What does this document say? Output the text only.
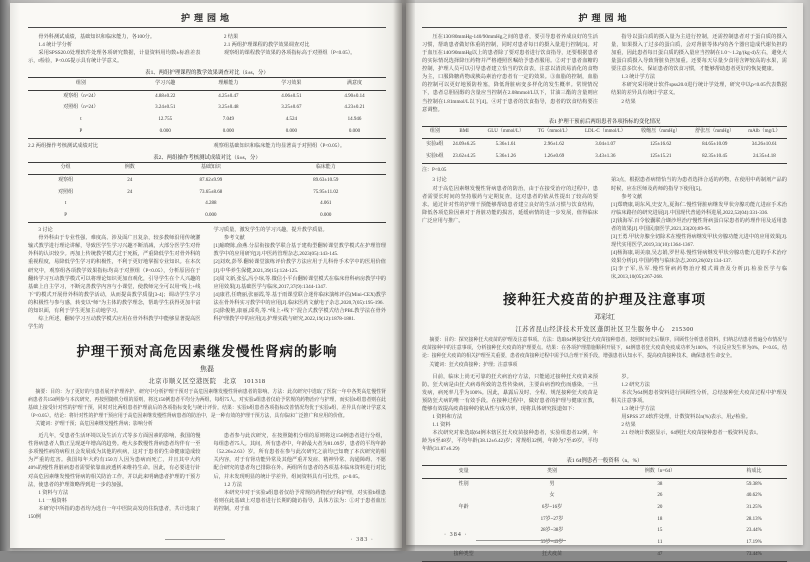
护理园地

骨外科测试成绩，基础知识和临床能力，各100分。

1.4 统计学分析

采用SPSS20.0处理软件处理各项研究数据，计量资料用均数±标准差表示，t检验，P<0.05提示具有统计学意义。

2 结果

2.1 两组护理课程的教学效果调查对比

观察组的课程教学效果的各项指标高于对照组（P<0.05）。

表1、两组护理课程的教学效果调查对比（x̄±s，分）
组别	学习兴趣	理解能力	学习效果	满意度
观察组（n=24）	4.88±0.22	4.25±0.47	4.06±0.51	4.90±0.14
对照组（n=24）	3.24±0.51	3.25±0.48	3.25±0.67	4.23±0.21
t	12.755	7.049	4.524	14.946
P	0.000	0.000	0.000	0.000
2.2 两组操作考核测试成绩对比	观察组基础知识和临床能力均显著高于对照组（P<0.05）。
表2、两组操作考核测试成绩对比（x̄±s，分）
分组	例数	基础知识	临床能力
观察组	24	87.62±9.99	89.63±10.59
对照组	24	73.65±8.68	75.95±11.02
t		4.288	4.061
P		0.000	0.000

3 讨论

骨外科由于专业性强、难度高、涉及面广且复杂，较多教师沿用传统灌输式教学进行理论讲解，导致医学生学习兴趣不断消减，大部分医学生对骨外科的认识较少。再加上传统教学模式过于死板，严重降低学生对骨外科的重视程度，易降低学生学习的积极性，不利于更好地掌握专业知识。在本次研究中，观察组各项教学效果指标均高于对照组（P<0.05），分析原因在于翻转学习互动教学模式可以将理论知识更加直观化，引导学生在个人兴趣的基础上自主学习，不断完善教学内容与小课堂，使教师完全可以用“线上+线下”的模式开展骨外科的教学活动，从而提高教学质量[3-4]；调动学生学习的积极性与参与感，转变以“师”为主体的教学理念，帮助学生获得更加丰富的知识面，有利于学生更加主动地学习。

综上所述，翻转学习互动教学模式应用在骨外科教学中能够显著提高医学生的

学习质量，激发学生的学习兴趣，提升教学质量。

参考文献

[1]喻晓陈,俞燕.分层衔接教学联合基于建构型翻转课堂教学模式在护理管理教学中的应用研究[J].中医药管理杂志,2023(05):143-145.

[2]刘欢,彭琴.翻转课堂演练评价教学方法应用于儿科骨手术学中的医用价值[J].中华养生保健,2021,39(15):124-125.

[3]周文新,张弘,冯小琼,等.微信小平台翻转课堂模式在临床骨科病房教学中的应用效果[J].基础医学与临床,2017,37(9):1344-1347.

[4]康君,任晓丽,张丽霞,等.基于雨课堂联合迷你临床演练评估(Mini-CEX)教学法在骨外科实习教学中的应用[J].临床医药文献电子杂志,2020,7(05):195-196.

[5]徐俊艳,康丽,邱英,等.“线上+线下”混合式教学模式结合PBL教学法在骨外科护理教学中的应用[J].护理实践与研究,2022,19(12):1878-1881.

护理干预对高危因素继发慢性肾病的影响
焦磊
北京市顺义区空港医院　北京　101318

摘要：目的：为了更好的与患者展开护理养护，研究中分析护理干预对于高危因素继发慢性肾病患者的影响。方法：此次研究中选取了医院一年中各类高危慢性肾病患者共150例参与本次研究，再按照随机分组的原则，将这150例患者平均分为两组，每组75人。对实验a组患者仅给予常规的药物治疗与护理，而实验b组患者则在此基础上接受针对性的护理干预，同时对比两组患者护理前后的各项指标变化与统计评价。结果：实验b组患者各项指标改善情况均优于实验a组，差异具有统计学意义（P<0.05）。结论：将针对性的护理干预应用于高危因素继发慢性肾病患者的防治中，是一种有效的护理干预方法，具有临床广泛推广和应用的价值。

关键词：护理干预；高危因素继发慢性肾病；影响分析

近几年，受患者生活环境以及生活方式等多方面因素的影响，我国的慢性肾病患者人数正呈现逐年增高的趋势。绝大多数慢性肾病患者均伴有一至多项慢性病的病程且会发展成为其他的疾病，这对于患者的生命健康造成较为严重的危害。我国每年大约有150万人因为患病而死亡，并且其中大约40%的慢性肾脏病患者需要依靠血液透析来维持生命。因此，有必要进行针对高危因素继发慢性肾病的相关防治工作，并以此来明确患者护理的干预方法，使患者的护理策略得到进一步的加强。

1 资料与方法

1.1 一般资料

本研究中所指的患者均为选自一年中医院高发的住院患者，共计选取了150例

患者参与此次研究，在按照随机分组的原则将这150例患者进行分组，每组患者75人。其间，所有患者中，年龄最大者为81.09岁，患者的平均年龄（52.26±2.63）岁。所有患者在参与此次研究之前均已知晓了本次研究的相关内容，对于有肾功能异常及其他严重并发症、精神异常、沟通障碍、不愿配合研究的患者均已排除在外。两组所有患者的各项基本临床资料进行对比后，并未发现明显的统计学差异，组间资料具有可比性，p>0.05。

1.2 方法

本研究中对于实验a组患者仅给予常规的药物治疗和护理，对实验b组患者则在此基础上对患者进行长期的随访指导，具体方法为：①对于患者血压的控制，对于血

· 383 ·
护理园地

压在130/80mmHg-140/90mmHg之间的患者，要引导患者养成良好的生活习惯，帮助患者做好体重的控制，同时对患者每日的摄入量进行控制[3]。对于血压在140/90mmHg以上的患者除了要对患者进行饮食指导，还要根据患者的实际情况选择降压药物并严格遵照医嘱给予患者服用。②对于患者血糖的控制，护理人员可以引导患者建立恰当的饮食表，注意以清淡易消化的食物为主，口服降糖药物或胰岛素治疗患者有一定的效果。③血脂的控制，血脂的控制可以更好地预防栓塞，降低肾脏病变多样化的发生概率。常规情况下，患者总胆固醇的含量应当控制在2.08mmol/L以下，甘油三酯的含量则应当控制在1.81mmol/L以下[4]。④对于患者的饮食指导，患者的饮食结构要注意调整。

指导以蛋白质的摄入量为主进行控制，还需控制患者对于蛋白质的摄入量，如果摄入了过多的蛋白质，会对肾脏等体内的各个器官造成代谢负担的加重，因此患者每日蛋白质的摄入量应当控制在1.0～1.2g/(kg·d)左右，避免大量蛋白质摄入导致肾脏负担加重。还要每天尽量少食用含钾较高的水果，需要注意多饮水，保证患者的饮食习惯，才能够帮助患者更好的恢复健康。

1.3 统计学方法

本研究采用统计软件spss20.0进行统计学处理，研究中以p<0.05代表数据结果的差异具有统计学意义。

2 结果

表1 护理干预前后两组患者各项指标的变化情况
组别	BMI	GLU（mmol/L）	TG（mmol/L）	LDL-C（mmol/L）	收缩压（mmHg）	舒张压（mmHg）	mAlb（mg/L）
实验a组	24.09±6.25	5.36±1.61	2.96±1.62	3.04±1.07	125±16.62	84.65±10.09	34.26±10.61
实验b组	23.62±4.25	5.36±1.26	1.26±0.69	3.43±1.36	125±15.21	82.35±10.45	24.35±4.18
注：P<0.05

3 讨论

对于高危因素继发慢性肾病患者的防治，由于在接受治疗的过程中，患者需要长时间的坚持服药与定期复查，这对患者的依从性提出了较高的要求。通过针对性的护理干预能够帮助患者建立良好的生活习惯与饮食结构，降低各项危险因素对于肾脏功能的损害，延缓病情的进一步发展，值得临床广泛应用与推广。

第3点，根据患者病情恰当的为患者选择合适的药物，在使用中药制剂产品的时候，应在医师及药师的指导下使用[5]。

参考文献

[1]郑晓康,胡东风,史安九,夏海仁.慢性肾脏病继发甲状旁腺功能亢进症手术治疗临床路径的研究进展[J].中国现代普通外科进展,2022,52(04):331-336.

[2]钱海军.百令胶囊联合缬沙坦治疗慢性肾病蛋白尿患者的药理作用及适用患者的效果[J].中国民康医学,2021,33(20):89-95.

[3]王勇.甲状旁腺全切除术在慢性肾病继发甲状旁腺功能亢进中的应用效果[J].现代实用医学,2019,31(10):1364-1367.

[4]杨海康,胡美康,吴志娟,罗世易.慢性肾病继发甲状旁腺功能亢进的手术治疗效果分析[J].中国药物与临床杂志,2019,26(02):134-137.

[5]李子军,丛军.慢性肾病药物治疗模式调查及分析[J].检验医学与临床,2013,10(05):267-268.

接种狂犬疫苗的护理及注意事项
邓彩红
江苏省昆山经济技术开发区蓬朗社区卫生服务中心　215300

摘要：目的：探究接种狂犬疫苗的护理及注意事项。方法：选取64例接受狂犬疫苗接种患者，按照时间先后顺序，回顾性分析患者资料，归纳总结患者普遍分布情况与疫苗接种中的注意事项，分析接种狂犬疫苗的护理要点。结果：在各项护理措施顺利开展下，64例患者狂犬疫苗免疫成功率为100%，不良反应发生率为0%，P<0.05。结论：接种狂犬疫苗的相关护理至关重要，患者疫苗接种过程中需予以合理干预手段，增强患者认知水平，提高疫苗接种技术，确保患者生命安全。

关键词：狂犬疫苗接种；护理；注意事项

目前，临床上尚无可靠的狂犬病治疗方法，只能通过接种狂犬疫苗来预防。狂犬病是由狂犬病毒所致的急性传染病，主要由病兽咬伤而感染，一旦发病，病死率几乎为100%。因此，暴露后及时、全程、规范接种狂犬疫苗是预防狂犬病的唯一有效手段。在接种过程中，做好患者的护理与健康宣教，能够有效提高疫苗接种的依从性与成功率，现将具体研究报道如下：

1 资料和方法

1.1 资料

本次研究对象选取64例本辖区狂犬疫苗接种患者，实验组患者32例，年龄为6至48岁，平均年龄(38.12±6.42)岁；常规组32例，年龄为7至49岁，平均年龄(31.87±6.29)

岁。

1.2 研究方法

本次为64例患者资料进行回顾性分析，总结接种狂犬疫苗过程中护理及相关注意事项。

1.3 统计学方法

用SPSS 27.0软件处理，计数资料以n(%)表示，用χ²检验。

2 结果

2.1 经统计数据显示，64例狂犬疫苗接种患者一般资料见表1。

表1 64例患者一般资料（n，%）
变量	类别	例数（n=64）	构成比
性别	男	38	59.38%
	女	26	40.62%
年龄	6岁~16岁	20	31.25%
	17岁~27岁	18	28.13%
	28岁~38岁	15	23.44%
	39岁~49岁	11	17.19%
接种类型	狂犬疫苗	47	73.44%
· 384 ·
